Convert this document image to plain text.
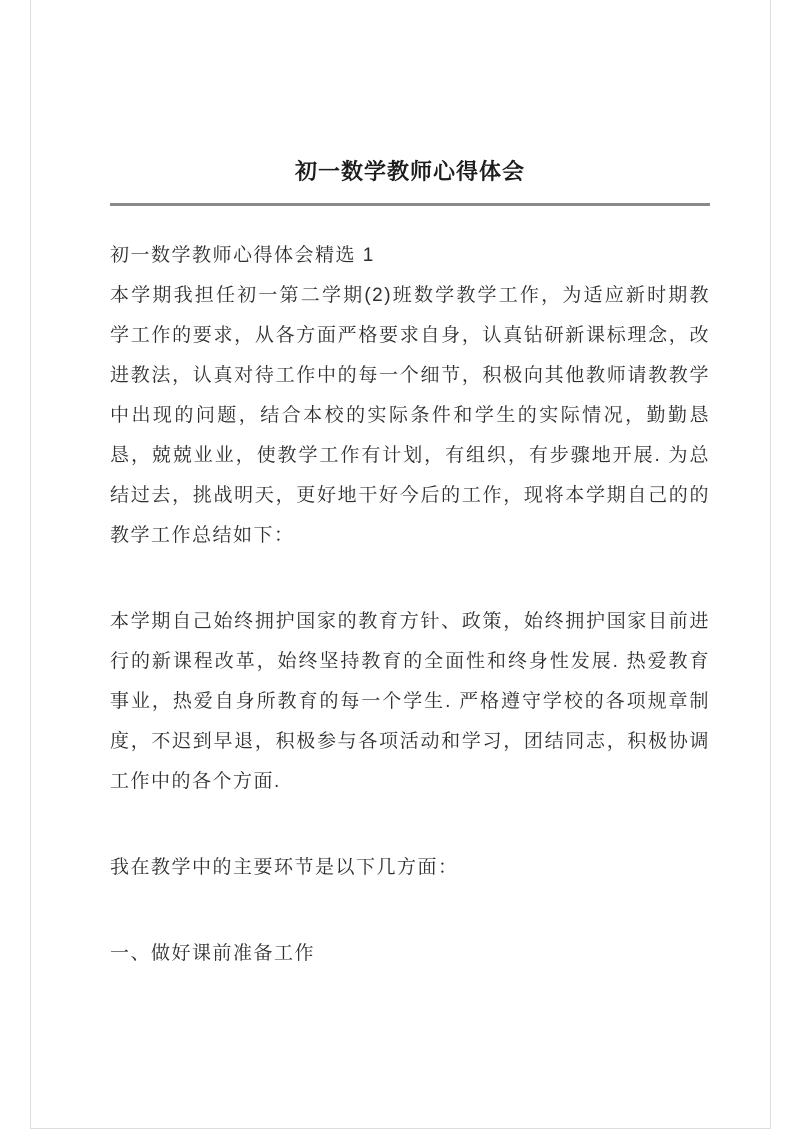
初一数学教师心得体会

初一数学教师心得体会精选 1

本学期我担任初一第二学期(2)班数学教学工作，为适应新时期教学工作的要求，从各方面严格要求自身，认真钻研新课标理念，改进教法，认真对待工作中的每一个细节，积极向其他教师请教教学中出现的问题，结合本校的实际条件和学生的实际情况，勤勤恳恳，兢兢业业，使教学工作有计划，有组织，有步骤地开展. 为总结过去，挑战明天，更好地干好今后的工作，现将本学期自己的的教学工作总结如下：

本学期自己始终拥护国家的教育方针、政策，始终拥护国家目前进行的新课程改革，始终坚持教育的全面性和终身性发展. 热爱教育事业，热爱自身所教育的每一个学生. 严格遵守学校的各项规章制度，不迟到早退，积极参与各项活动和学习，团结同志，积极协调工作中的各个方面.

我在教学中的主要环节是以下几方面：

一、做好课前准备工作
